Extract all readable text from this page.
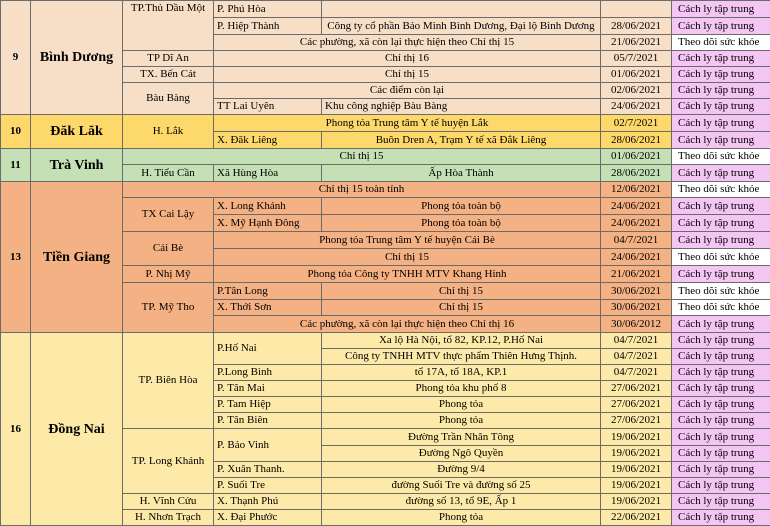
9	Bình Dương	TP.Thủ Dầu Một	P. Phú Hòa			Cách ly tập trung
			P. Hiệp Thành	Công ty cổ phần Bảo Minh Bình Dương, Đại lộ Bình Dương	28/06/2021	Cách ly tập trung
			Các phường, xã còn lại thực hiện theo Chỉ thị 15		21/06/2021	Theo dõi sức khỏe
		TP Dĩ An	Chỉ thị 16		05/7/2021	Cách ly tập trung
		TX. Bến Cát	Chỉ thị 15		01/06/2021	Cách ly tập trung
		Bàu Bàng	Các điểm còn lại		02/06/2021	Cách ly tập trung
			TT Lai Uyên	Khu công nghiệp Bàu Bàng	24/06/2021	Cách ly tập trung
10	Đăk Lăk	H. Lắk	Phong tỏa Trung tâm Y tế huyện Lắk		02/7/2021	Cách ly tập trung
			X. Đăk Liêng	Buôn Dren A, Trạm Y tế xã Đắk Liêng	28/06/2021	Cách ly tập trung
11	Trà Vinh	Chỉ thị 15			01/06/2021	Theo dõi sức khỏe
		H. Tiểu Cần	Xã Hùng Hòa	Ấp Hòa Thành	28/06/2021	Cách ly tập trung
13	Tiền Giang	Chỉ thị 15 toàn tỉnh			12/06/2021	Theo dõi sức khỏe
		TX Cai Lậy	X. Long Khánh	Phong tỏa toàn bộ	24/06/2021	Cách ly tập trung
			X. Mỹ Hạnh Đông	Phong tỏa toàn bộ	24/06/2021	Cách ly tập trung
		Cái Bè	Phong tỏa Trung tâm Y tế huyện Cái Bè		04/7/2021	Cách ly tập trung
			Chỉ thị 15		24/06/2021	Theo dõi sức khỏe
		P. Nhị Mỹ	Phong tỏa Công ty TNHH MTV Khang Hinh		21/06/2021	Cách ly tập trung
		TP. Mỹ Tho	P.Tân Long	Chỉ thị 15	30/06/2021	Theo dõi sức khỏe
			X. Thới Sơn	Chỉ thị 15	30/06/2021	Theo dõi sức khỏe
			Các phường, xã còn lại thực hiện theo Chỉ thị 16		30/06/2012	Cách ly tập trung
16	Đồng Nai	TP. Biên Hòa	P.Hố Nai	Xa lộ Hà Nội, tổ 82, KP.12, P.Hố Nai	04/7/2021	Cách ly tập trung
				Công ty TNHH MTV thực phẩm Thiên Hưng Thịnh.	04/7/2021	Cách ly tập trung
			P.Long Bình	tổ 17A, tổ 18A, KP.1	04/7/2021	Cách ly tập trung
			P. Tân Mai	Phong tỏa khu phố 8	27/06/2021	Cách ly tập trung
			P. Tam Hiệp	Phong tỏa	27/06/2021	Cách ly tập trung
			P. Tân Biên	Phong tỏa	27/06/2021	Cách ly tập trung
		TP. Long Khánh	P. Bảo Vinh	Đường Trần Nhân Tông	19/06/2021	Cách ly tập trung
				Đường Ngô Quyền	19/06/2021	Cách ly tập trung
			P. Xuân Thanh.	Đường 9/4	19/06/2021	Cách ly tập trung
			P. Suối Tre	đường Suối Tre và đường số 25	19/06/2021	Cách ly tập trung
		H. Vĩnh Cửu	X. Thạnh Phú	đường số 13, tổ 9E, Ấp 1	19/06/2021	Cách ly tập trung
		H. Nhơn Trạch	X. Đại Phước	Phong tỏa	22/06/2021	Cách ly tập trung
